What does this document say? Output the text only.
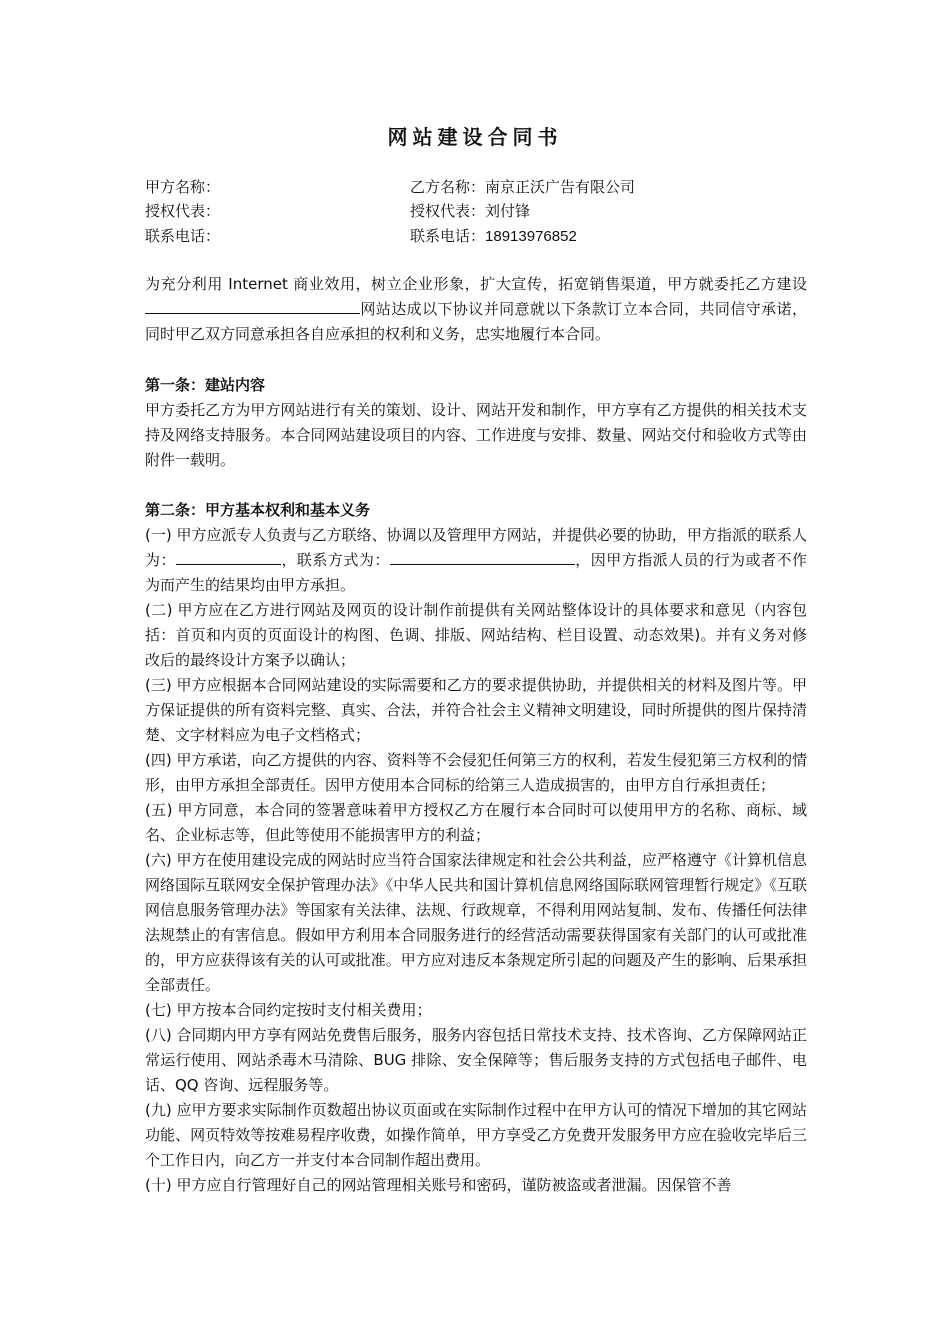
网站建设合同书
甲方名称：
授权代表：
联系电话：
乙方名称：南京正沃广告有限公司
授权代表：刘付锋
联系电话：18913976852
为充分利用 Internet 商业效用，树立企业形象，扩大宣传，拓宽销售渠道，甲方就委托乙方建设网站达成以下协议并同意就以下条款订立本合同，共同信守承诺，同时甲乙双方同意承担各自应承担的权利和义务，忠实地履行本合同。
第一条：建站内容
甲方委托乙方为甲方网站进行有关的策划、设计、网站开发和制作，甲方享有乙方提供的相关技术支持及网络支持服务。本合同网站建设项目的内容、工作进度与安排、数量、网站交付和验收方式等由附件一载明。
第二条：甲方基本权利和基本义务
(一) 甲方应派专人负责与乙方联络、协调以及管理甲方网站，并提供必要的协助，甲方指派的联系人为：	，联系方式为：	，因甲方指派人员的行为或者不作为而产生的结果均由甲方承担。
(二) 甲方应在乙方进行网站及网页的设计制作前提供有关网站整体设计的具体要求和意见（内容包括：首页和内页的页面设计的构图、色调、排版、网站结构、栏目设置、动态效果)。并有义务对修改后的最终设计方案予以确认；
(三) 甲方应根据本合同网站建设的实际需要和乙方的要求提供协助，并提供相关的材料及图片等。甲方保证提供的所有资料完整、真实、合法，并符合社会主义精神文明建设，同时所提供的图片保持清楚、文字材料应为电子文档格式；
(四) 甲方承诺，向乙方提供的内容、资料等不会侵犯任何第三方的权利，若发生侵犯第三方权利的情形，由甲方承担全部责任。因甲方使用本合同标的给第三人造成损害的，由甲方自行承担责任；
(五) 甲方同意，本合同的签署意味着甲方授权乙方在履行本合同时可以使用甲方的名称、商标、域名、企业标志等，但此等使用不能损害甲方的利益；
(六) 甲方在使用建设完成的网站时应当符合国家法律规定和社会公共利益，应严格遵守《计算机信息网络国际互联网安全保护管理办法》《中华人民共和国计算机信息网络国际联网管理暂行规定》《互联网信息服务管理办法》等国家有关法律、法规、行政规章，不得利用网站复制、发布、传播任何法律法规禁止的有害信息。假如甲方利用本合同服务进行的经营活动需要获得国家有关部门的认可或批准的，甲方应获得该有关的认可或批准。甲方应对违反本条规定所引起的问题及产生的影响、后果承担全部责任。
(七) 甲方按本合同约定按时支付相关费用；
(八) 合同期内甲方享有网站免费售后服务，服务内容包括日常技术支持、技术咨询、乙方保障网站正常运行使用、网站杀毒木马清除、BUG 排除、安全保障等；售后服务支持的方式包括电子邮件、电话、QQ 咨询、远程服务等。
(九) 应甲方要求实际制作页数超出协议页面或在实际制作过程中在甲方认可的情况下增加的其它网站功能、网页特效等按难易程序收费，如操作简单，甲方享受乙方免费开发服务甲方应在验收完毕后三个工作日内，向乙方一并支付本合同制作超出费用。
(十) 甲方应自行管理好自己的网站管理相关账号和密码，谨防被盗或者泄漏。因保管不善
